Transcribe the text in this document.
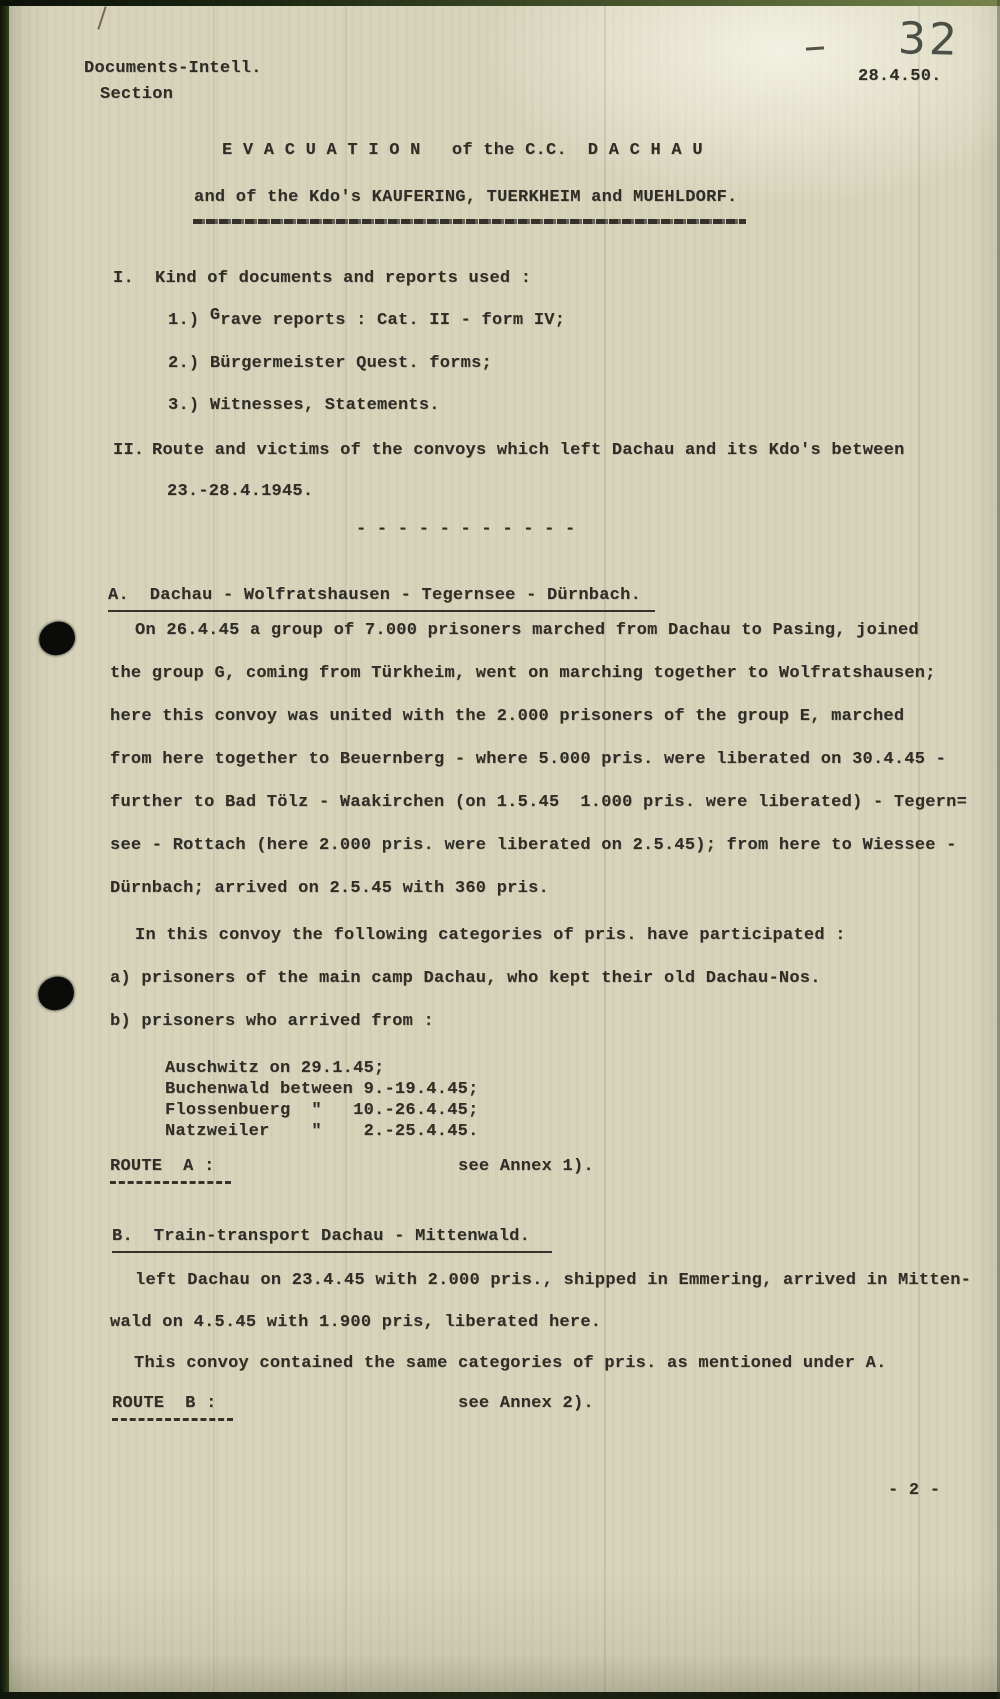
Documents-Intell.
Section
32
28.4.50.
E V A C U A T I O N   of the C.C.  D A C H A U
and of the Kdo's KAUFERING, TUERKHEIM and MUEHLDORF.
I. Kind of documents and reports used :
1.) Grave reports : Cat. II - form IV;
2.) Bürgermeister Quest. forms;
3.) Witnesses, Statements.
II. Route and victims of the convoys which left Dachau and its Kdo's between
23.-28.4.1945.
- - - - - - - - - - -
A.  Dachau - Wolfratshausen - Tegernsee - Dürnbach.
On 26.4.45 a group of 7.000 prisoners marched from Dachau to Pasing, joined
the group G, coming from Türkheim, went on marching together to Wolfratshausen;
here this convoy was united with the 2.000 prisoners of the group E, marched
from here together to Beuernberg - where 5.000 pris. were liberated on 30.4.45 -
further to Bad Tölz - Waakirchen (on 1.5.45  1.000 pris. were liberated) - Tegern=
see - Rottach (here 2.000 pris. were liberated on 2.5.45); from here to Wiessee -
Dürnbach; arrived on 2.5.45 with 360 pris.
In this convoy the following categories of pris. have participated :
a) prisoners of the main camp Dachau, who kept their old Dachau-Nos.
b) prisoners who arrived from :
Auschwitz on 29.1.45;
Buchenwald between 9.-19.4.45;
Flossenbuerg  "   10.-26.4.45;
Natzweiler    "    2.-25.4.45.
ROUTE  A :	see Annex 1).
B.  Train-transport Dachau - Mittenwald.
left Dachau on 23.4.45 with 2.000 pris., shipped in Emmering, arrived in Mitten-
wald on 4.5.45 with 1.900 pris, liberated here.
This convoy contained the same categories of pris. as mentioned under A.
ROUTE  B :	see Annex 2).
- 2 -
